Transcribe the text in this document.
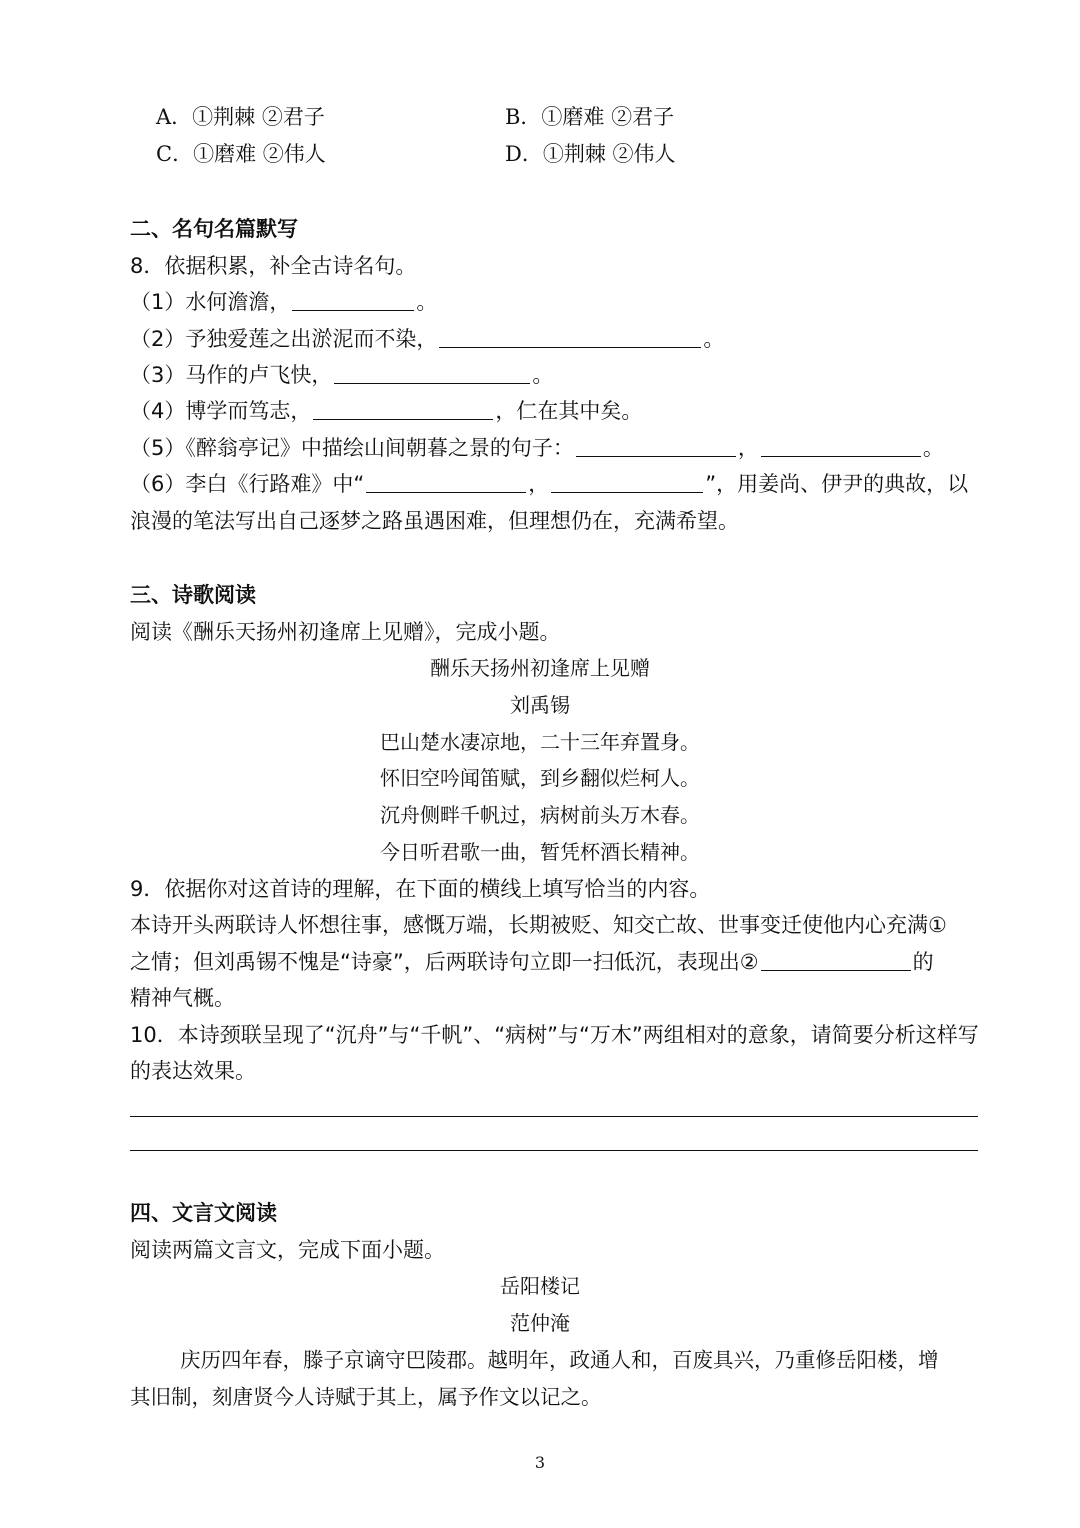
A．①荆棘 ②君子	B．①磨难 ②君子
C．①磨难 ②伟人	D．①荆棘 ②伟人
二、名句名篇默写
8．依据积累，补全古诗名句。
（1）水何澹澹，	。
（2）予独爱莲之出淤泥而不染，	。
（3）马作的卢飞快，	。
（4）博学而笃志，	，仁在其中矣。
（5）《醉翁亭记》中描绘山间朝暮之景的句子：	，	。
（6）李白《行路难》中“	，	”，用姜尚、伊尹的典故，以
浪漫的笔法写出自己逐梦之路虽遇困难，但理想仍在，充满希望。
三、诗歌阅读
阅读《酬乐天扬州初逢席上见赠》，完成小题。
酬乐天扬州初逢席上见赠
刘禹锡
巴山楚水凄凉地，二十三年弃置身。
怀旧空吟闻笛赋，到乡翻似烂柯人。
沉舟侧畔千帆过，病树前头万木春。
今日听君歌一曲，暂凭杯酒长精神。
9．依据你对这首诗的理解，在下面的横线上填写恰当的内容。
本诗开头两联诗人怀想往事，感慨万端，长期被贬、知交亡故、世事变迁使他内心充满①
之情；但刘禹锡不愧是“诗豪”，后两联诗句立即一扫低沉，表现出②	的
精神气概。
10．本诗颈联呈现了“沉舟”与“千帆”、“病树”与“万木”两组相对的意象，请简要分析这样写
的表达效果。
四、文言文阅读
阅读两篇文言文，完成下面小题。
岳阳楼记
范仲淹
庆历四年春，滕子京谪守巴陵郡。越明年，政通人和，百废具兴，乃重修岳阳楼，增
其旧制，刻唐贤今人诗赋于其上，属予作文以记之。
3
